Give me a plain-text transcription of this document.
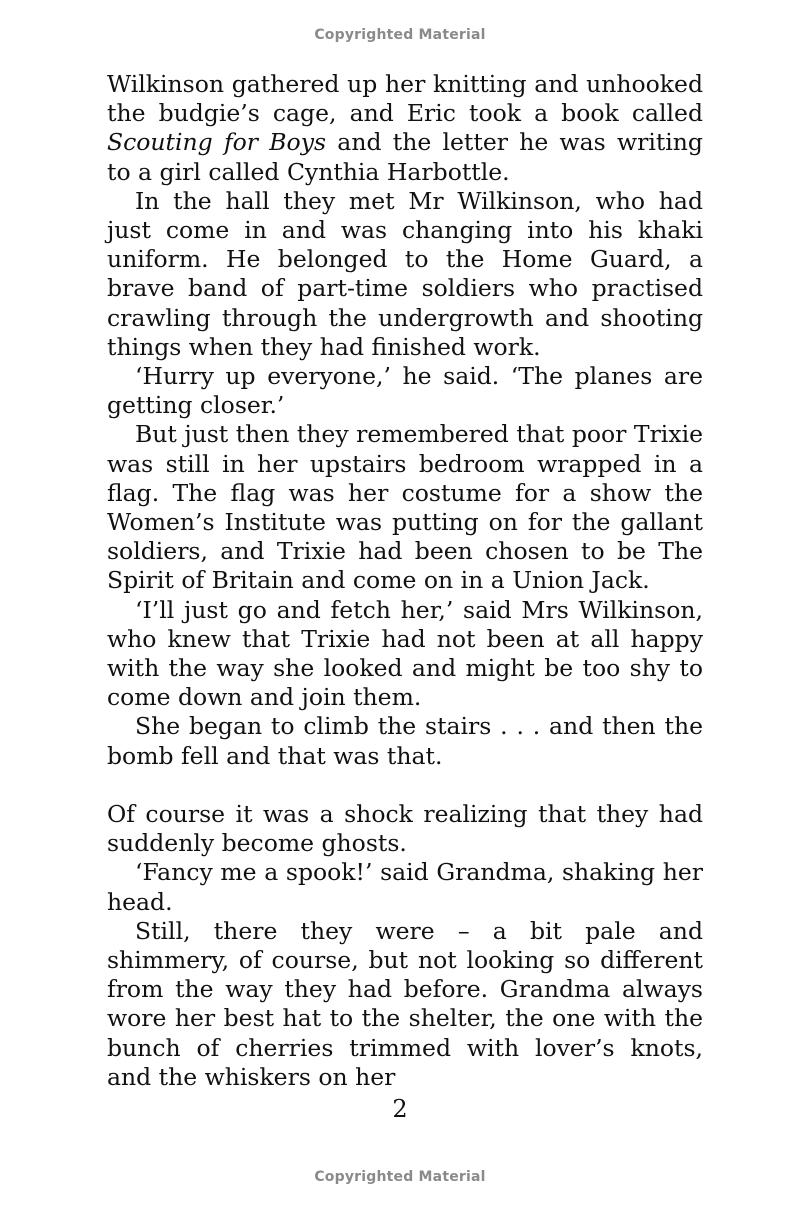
Copyrighted Material

Wilkinson gathered up her knitting and unhooked the budgie’s cage, and Eric took a book called Scouting for Boys and the letter he was writing to a girl called Cynthia Harbottle.

In the hall they met Mr Wilkinson, who had just come in and was changing into his khaki uniform. He belonged to the Home Guard, a brave band of part-time soldiers who practised crawling through the undergrowth and shooting things when they had finished work.

‘Hurry up everyone,’ he said. ‘The planes are getting closer.’

But just then they remembered that poor Trixie was still in her upstairs bedroom wrapped in a flag. The flag was her costume for a show the Women’s Institute was putting on for the gallant soldiers, and Trixie had been chosen to be The Spirit of Britain and come on in a Union Jack.

‘I’ll just go and fetch her,’ said Mrs Wilkinson, who knew that Trixie had not been at all happy with the way she looked and might be too shy to come down and join them.

She began to climb the stairs . . . and then the bomb fell and that was that.

Of course it was a shock realizing that they had suddenly become ghosts.

‘Fancy me a spook!’ said Grandma, shaking her head.

Still, there they were – a bit pale and shimmery, of course, but not looking so different from the way they had before. Grandma always wore her best hat to the shelter, the one with the bunch of cherries trimmed with lover’s knots, and the whiskers on her

2
Copyrighted Material
